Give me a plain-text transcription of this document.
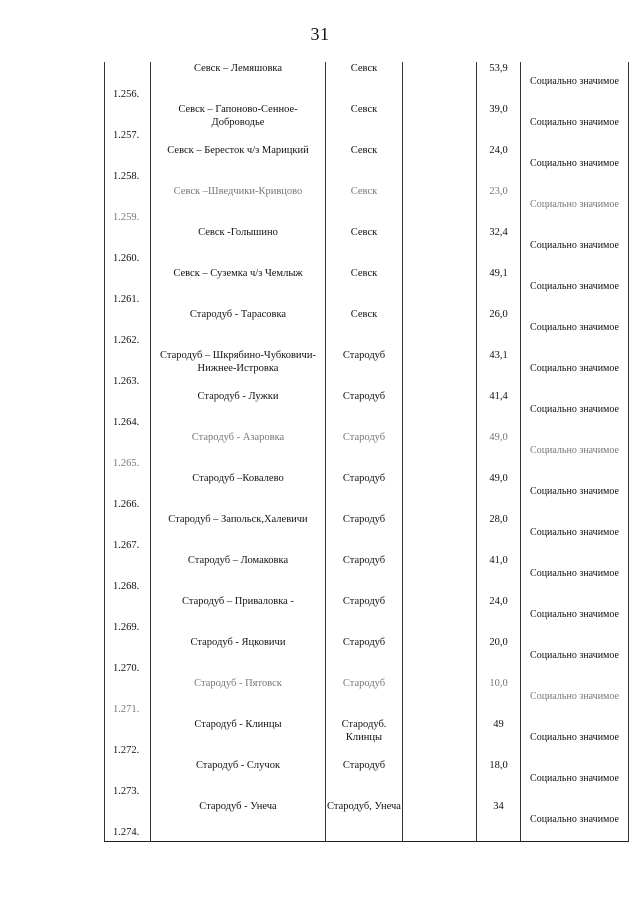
31
1.256.	Севск – Лемяшовка	Севск		53,9	Социально значимое

1.257.	Севск – Гапоново-Сенное-Доброводье	Севск		39,0	Социально значимое

1.258.	Севск – Береcток ч/з Марицкий	Севск		24,0	Социально значимое

1.259.	Севск –Шведчики-Кривцово	Севск		23,0	Социально значимое

1.260.	Севск -Голышино	Севск		32,4	Социально значимое

1.261.	Севск – Суземка ч/з Чемлыж	Севск		49,1	Социально значимое

1.262.	Стародуб - Тарасовка	Севск		26,0	Социально значимое

1.263.	Стародуб – Шкрябино-Чубковичи-Нижнее-Истровка	Стародуб		43,1	Социально значимое

1.264.	Стародуб - Лужки	Стародуб		41,4	Социально значимое

1.265.	Стародуб - Азаровка	Стародуб		49,0	Социально значимое

1.266.	Стародуб –Ковалево	Стародуб		49,0	Социально значимое

1.267.	Стародуб – Запольск,Халевичи	Стародуб		28,0	Социально значимое

1.268.	Стародуб – Ломаковка	Стародуб		41,0	Социально значимое

1.269.	Стародуб – Приваловка -	Стародуб		24,0	Социально значимое

1.270.	Стародуб - Яцковичи	Стародуб		20,0	Социально значимое

1.271.	Стародуб - Пятовск	Стародуб		10,0	Социально значимое

1.272.	Стародуб - Клинцы	Стародуб. Клинцы		49	Социально значимое

1.273.	Стародуб - Случок	Стародуб		18,0	Социально значимое

1.274.	Стародуб - Унеча	Стародуб, Унеча		34	Социально значимое
